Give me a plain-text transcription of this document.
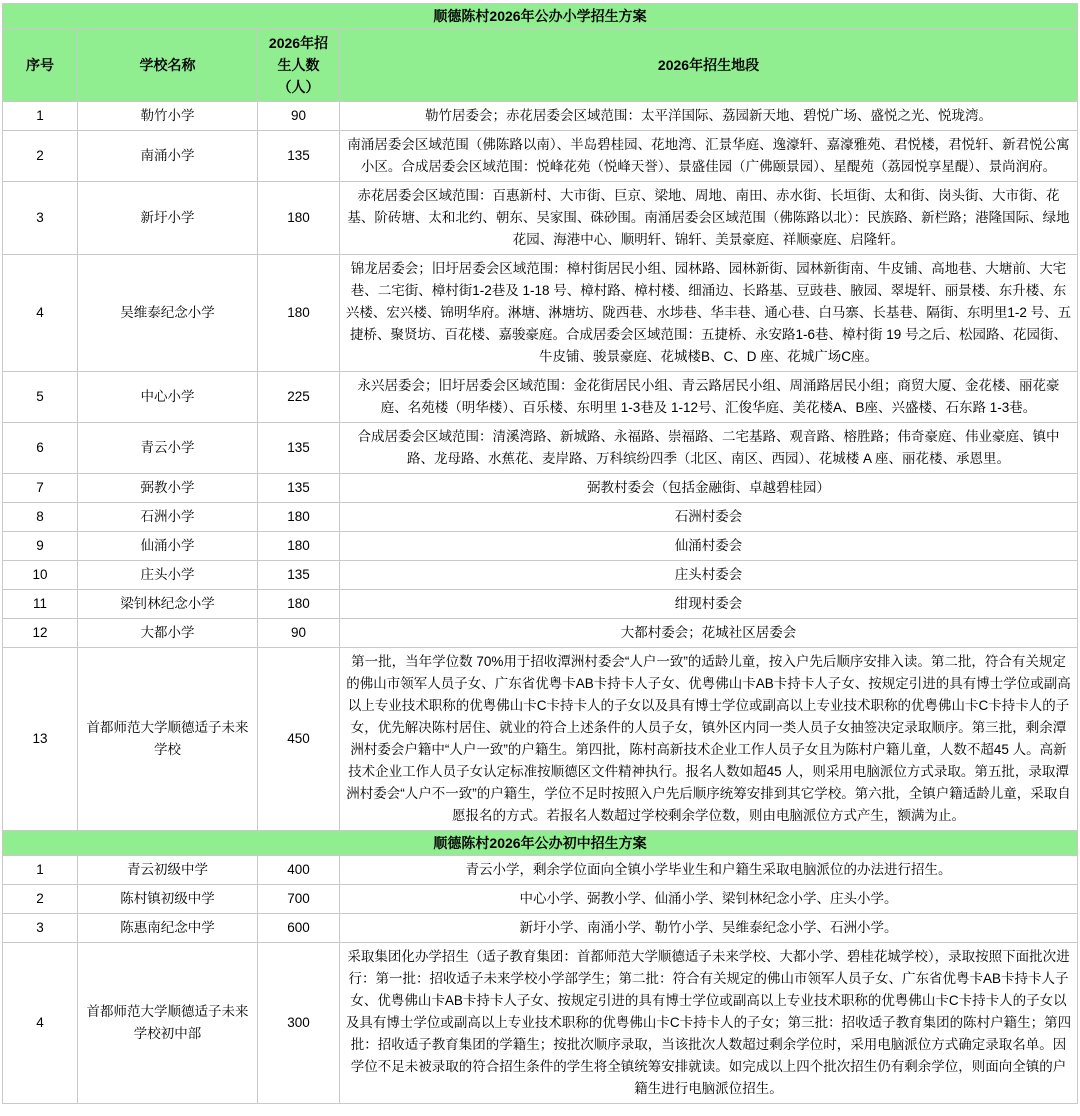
顺德陈村2026年公办小学招生方案			
序号	学校名称	2026年招生人数（人）	2026年招生地段
1	勒竹小学	90	勒竹居委会；赤花居委会区域范围：太平洋国际、荔园新天地、碧悦广场、盛悦之光、悦珑湾。
2	南涌小学	135	南涌居委会区域范围（佛陈路以南）、半岛碧桂园、花地湾、汇景华庭、逸濠轩、嘉濠雅苑、君悦楼，君悦轩、新君悦公寓小区。合成居委会区域范围：悦峰花苑（悦峰天誉）、景盛佳园（广佛颐景园）、星醍苑（荔园悦享星醍）、景尚润府。
3	新圩小学	180	赤花居委会区域范围：百惠新村、大市街、巨京、梁地、周地、南田、赤水街、长垣街、太和街、岗头街、大市街、花基、阶砖塘、太和北约、朝东、吴家围、硃砂围。南涌居委会区域范围（佛陈路以北）：民族路、新栏路；港隆国际、绿地花园、海港中心、顺明轩、锦轩、美景豪庭、祥顺豪庭、启隆轩。
4	吴维泰纪念小学	180	锦龙居委会；旧圩居委会区域范围：樟村街居民小组、园林路、园林新街、园林新街南、牛皮铺、高地巷、大塘前、大宅巷、二宅街、樟村街1-2巷及 1-18 号、樟村路、樟村楼、细涌边、长路基、豆豉巷、腋园、翠堤轩、丽景楼、东升楼、东兴楼、宏兴楼、锦明华府。淋塘、淋塘坊、陇西巷、水埗巷、华丰巷、通心巷、白马寨、长基巷、隔街、东明里1-2 号、五捷桥、聚贤坊、百花楼、嘉骏豪庭。合成居委会区域范围：五捷桥、永安路1-6巷、樟村街 19 号之后、松园路、花园街、牛皮铺、骏景豪庭、花城楼B、C、D 座、花城广场C座。
5	中心小学	225	永兴居委会；旧圩居委会区域范围：金花街居民小组、青云路居民小组、周涌路居民小组；商贸大厦、金花楼、丽花豪庭、名苑楼（明华楼）、百乐楼、东明里 1-3巷及 1-12号、汇俊华庭、美花楼A、B座、兴盛楼、石东路 1-3巷。
6	青云小学	135	合成居委会区域范围：清溪湾路、新城路、永福路、崇福路、二宅基路、观音路、榕胜路；伟奇豪庭、伟业豪庭、镇中路、龙母路、水蕉花、麦岸路、万科缤纷四季（北区、南区、西园）、花城楼 A 座、丽花楼、承恩里。
7	弼教小学	135	弼教村委会（包括金融街、卓越碧桂园）
8	石洲小学	180	石洲村委会
9	仙涌小学	180	仙涌村委会
10	庄头小学	135	庄头村委会
11	梁钊林纪念小学	180	绀现村委会
12	大都小学	90	大都村委会；花城社区居委会
13	首都师范大学顺德适子未来学校	450	第一批，当年学位数 70%用于招收潭洲村委会“人户一致”的适龄儿童，按入户先后顺序安排入读。第二批，符合有关规定的佛山市领军人员子女、广东省优粤卡AB卡持卡人子女、优粤佛山卡AB卡持卡人子女、按规定引进的具有博士学位或副高以上专业技术职称的优粤佛山卡C卡持卡人的子女以及具有博士学位或副高以上专业技术职称的优粤佛山卡C卡持卡人的子女，优先解决陈村居住、就业的符合上述条件的人员子女，镇外区内同一类人员子女抽签决定录取顺序。第三批，剩余潭洲村委会户籍中“人户一致”的户籍生。第四批，陈村高新技术企业工作人员子女且为陈村户籍儿童，人数不超45 人。高新技术企业工作人员子女认定标准按顺德区文件精神执行。报名人数如超45 人，则采用电脑派位方式录取。第五批，录取潭洲村委会“人户不一致”的户籍生，学位不足时按照入户先后顺序统筹安排到其它学校。第六批，全镇户籍适龄儿童，采取自愿报名的方式。若报名人数超过学校剩余学位数，则由电脑派位方式产生，额满为止。
顺德陈村2026年公办初中招生方案			
1	青云初级中学	400	青云小学，剩余学位面向全镇小学毕业生和户籍生采取电脑派位的办法进行招生。
2	陈村镇初级中学	700	中心小学、弼教小学、仙涌小学、梁钊林纪念小学、庄头小学。
3	陈惠南纪念中学	600	新圩小学、南涌小学、勒竹小学、吴维泰纪念小学、石洲小学。
4	首都师范大学顺德适子未来学校初中部	300	采取集团化办学招生（适子教育集团：首都师范大学顺德适子未来学校、大都小学、碧桂花城学校），录取按照下面批次进行：第一批：招收适子未来学校小学部学生；第二批：符合有关规定的佛山市领军人员子女、广东省优粤卡AB卡持卡人子女、优粤佛山卡AB卡持卡人子女、按规定引进的具有博士学位或副高以上专业技术职称的优粤佛山卡C卡持卡人的子女以及具有博士学位或副高以上专业技术职称的优粤佛山卡C卡持卡人的子女；第三批：招收适子教育集团的陈村户籍生；第四批：招收适子教育集团的学籍生；按批次顺序录取，当该批次人数超过剩余学位时，采用电脑派位方式确定录取名单。因学位不足未被录取的符合招生条件的学生将全镇统筹安排就读。如完成以上四个批次招生仍有剩余学位，则面向全镇的户籍生进行电脑派位招生。
